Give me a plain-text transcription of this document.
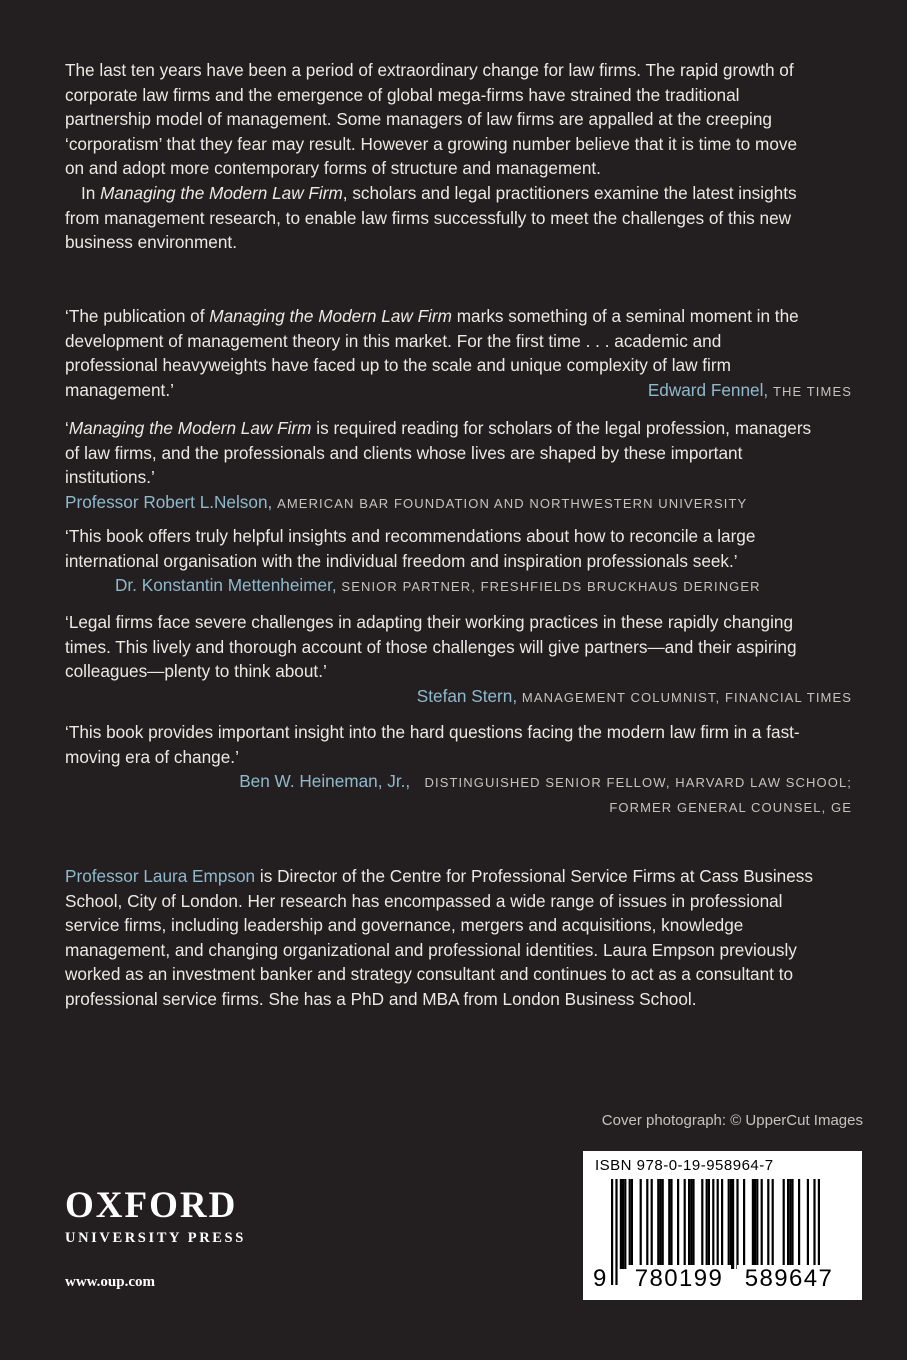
The last ten years have been a period of extraordinary change for law firms. The rapid growth of corporate law firms and the emergence of global mega-firms have strained the traditional partnership model of management. Some managers of law firms are appalled at the creeping ‘corporatism’ that they fear may result. However a growing number believe that it is time to move on and adopt more contemporary forms of structure and management.

In Managing the Modern Law Firm, scholars and legal practitioners examine the latest insights from management research, to enable law firms successfully to meet the challenges of this new business environment.

‘The publication of Managing the Modern Law Firm marks something of a seminal moment in the development of management theory in this market. For the first time . . . academic and professional heavyweights have faced up to the scale and unique complexity of law firm management.’	Edward Fennel, THE TIMES
‘Managing the Modern Law Firm is required reading for scholars of the legal profession, managers of law firms, and the professionals and clients whose lives are shaped by these important institutions.’
Professor Robert L.Nelson, AMERICAN BAR FOUNDATION AND NORTHWESTERN UNIVERSITY
‘This book offers truly helpful insights and recommendations about how to reconcile a large international organisation with the individual freedom and inspiration professionals seek.’
Dr. Konstantin Mettenheimer, SENIOR PARTNER, FRESHFIELDS BRUCKHAUS DERINGER
‘Legal firms face severe challenges in adapting their working practices in these rapidly changing times. This lively and thorough account of those challenges will give partners—and their aspiring colleagues—plenty to think about.’
Stefan Stern, MANAGEMENT COLUMNIST, FINANCIAL TIMES
‘This book provides important insight into the hard questions facing the modern law firm in a fast-moving era of change.’
Ben W. Heineman, Jr., DISTINGUISHED SENIOR FELLOW, HARVARD LAW SCHOOL;
FORMER GENERAL COUNSEL, GE
Professor Laura Empson is Director of the Centre for Professional Service Firms at Cass Business School, City of London. Her research has encompassed a wide range of issues in professional service firms, including leadership and governance, mergers and acquisitions, knowledge management, and changing organizational and professional identities. Laura Empson previously worked as an investment banker and strategy consultant and continues to act as a consultant to professional service firms. She has a PhD and MBA from London Business School.
Cover photograph: © UpperCut Images
OXFORD
UNIVERSITY PRESS
www.oup.com
ISBN 978-0-19-958964-7
9	780199 589647
